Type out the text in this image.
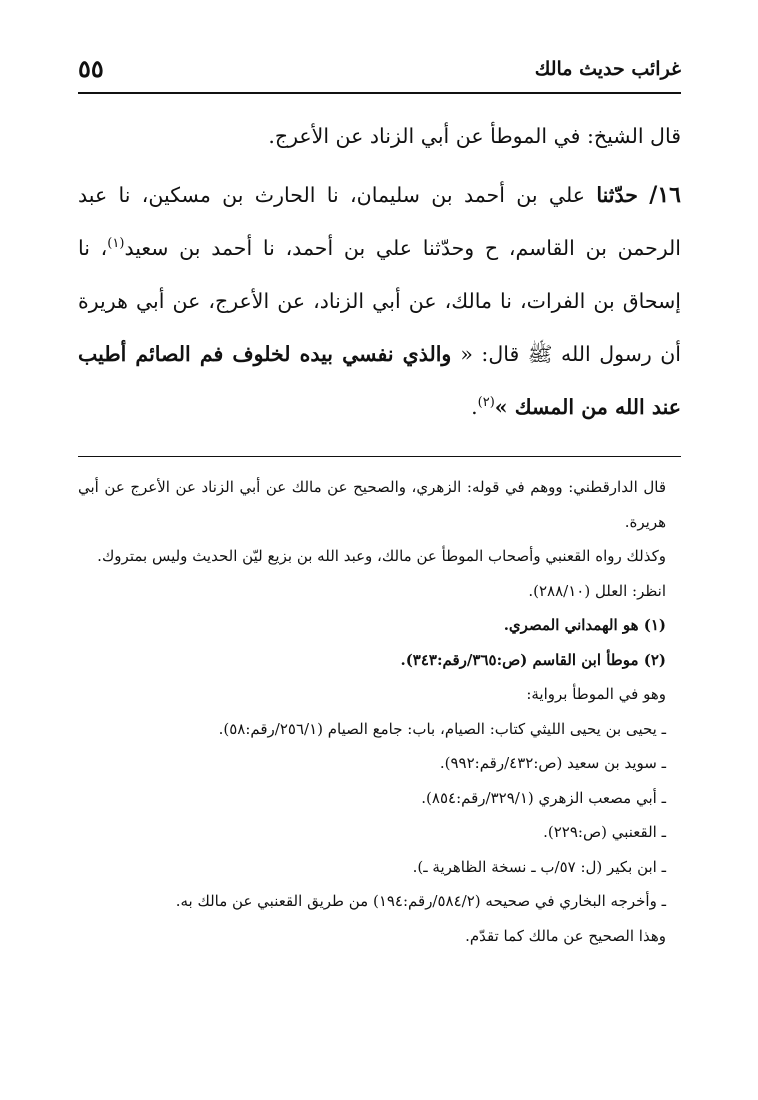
غرائب حديث مالك
٥٥

قال الشيخ: في الموطأ عن أبي الزناد عن الأعرج.

١٦/ حدّثنا علي بن أحمد بن سليمان، نا الحارث بن مسكين، نا عبد الرحمن بن القاسم، ح وحدّثنا علي بن أحمد، نا أحمد بن سعيد$^{(١)}$، نا إسحاق بن الفرات، نا مالك، عن أبي الزناد، عن الأعرج، عن أبي هريرة أن رسول الله ﷺ قال: « والذي نفسي بيده لخلوف فم الصائم أطيب عند الله من المسك »$^{(٢)}$.

قال الدارقطني: ووهم في قوله: الزهري، والصحيح عن مالك عن أبي الزناد عن الأعرج عن أبي هريرة.

وكذلك رواه القعنبي وأصحاب الموطأ عن مالك، وعبد الله بن بزيع ليّن الحديث وليس بمتروك.

انظر: العلل (٢٨٨/١٠).

(١) هو الهمداني المصري.

(٢) موطأ ابن القاسم (ص:٣٦٥/رقم:٣٤٣).

وهو في الموطأ برواية:

ـ يحيى بن يحيى الليثي كتاب: الصيام، باب: جامع الصيام (٢٥٦/١/رقم:٥٨).

ـ سويد بن سعيد (ص:٤٣٢/رقم:٩٩٢).

ـ أبي مصعب الزهري (٣٢٩/١/رقم:٨٥٤).

ـ القعنبي (ص:٢٢٩).

ـ ابن بكير (ل: ٥٧/ب ـ نسخة الظاهرية ـ).

ـ وأخرجه البخاري في صحيحه (٥٨٤/٢/رقم:١٩٤) من طريق القعنبي عن مالك به.

وهذا الصحيح عن مالك كما تقدّم.
